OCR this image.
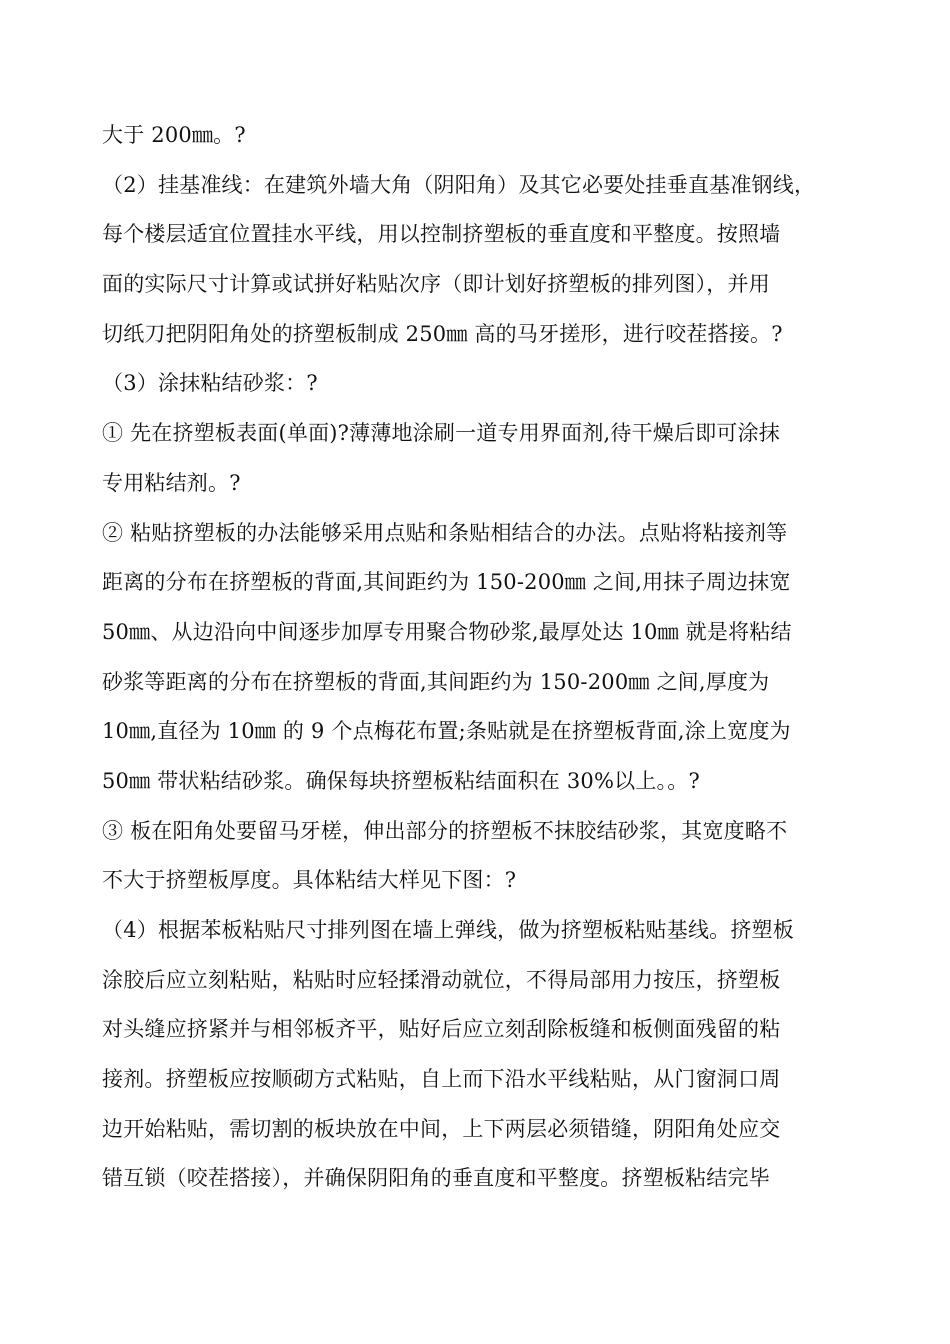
大于 200㎜。?
（2）挂基准线：在建筑外墙大角（阴阳角）及其它必要处挂垂直基准钢线，
每个楼层适宜位置挂水平线，用以控制挤塑板的垂直度和平整度。按照墙
面的实际尺寸计算或试拼好粘贴次序（即计划好挤塑板的排列图），并用
切纸刀把阴阳角处的挤塑板制成 250㎜ 高的马牙搓形，进行咬茬搭接。?
（3）涂抹粘结砂浆：?
① 先在挤塑板表面(单面)?薄薄地涂刷一道专用界面剂,待干燥后即可涂抹
专用粘结剂。?
② 粘贴挤塑板的办法能够采用点贴和条贴相结合的办法。点贴将粘接剂等
距离的分布在挤塑板的背面,其间距约为 150-200㎜ 之间,用抹子周边抹宽
50㎜、从边沿向中间逐步加厚专用聚合物砂浆,最厚处达 10㎜ 就是将粘结
砂浆等距离的分布在挤塑板的背面,其间距约为 150-200㎜ 之间,厚度为
10㎜,直径为 10㎜ 的 9 个点梅花布置;条贴就是在挤塑板背面,涂上宽度为
50㎜ 带状粘结砂浆。确保每块挤塑板粘结面积在 30%以上。。?
③ 板在阳角处要留马牙槎，伸出部分的挤塑板不抹胶结砂浆，其宽度略不
不大于挤塑板厚度。具体粘结大样见下图：?
（4）根据苯板粘贴尺寸排列图在墙上弹线，做为挤塑板粘贴基线。挤塑板
涂胶后应立刻粘贴，粘贴时应轻揉滑动就位，不得局部用力按压，挤塑板
对头缝应挤紧并与相邻板齐平，贴好后应立刻刮除板缝和板侧面残留的粘
接剂。挤塑板应按顺砌方式粘贴，自上而下沿水平线粘贴，从门窗洞口周
边开始粘贴，需切割的板块放在中间，上下两层必须错缝，阴阳角处应交
错互锁（咬茬搭接），并确保阴阳角的垂直度和平整度。挤塑板粘结完毕
